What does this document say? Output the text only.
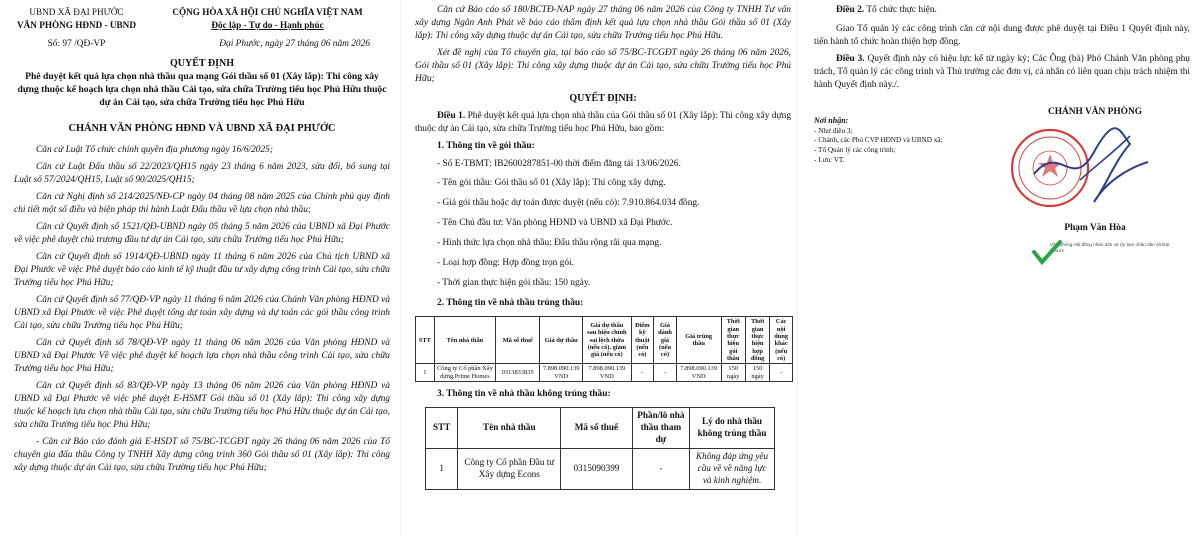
UBND XÃ ĐẠI PHƯỚC
VĂN PHÒNG HĐND - UBND
CỘNG HÒA XÃ HỘI CHỦ NGHĨA VIỆT NAM
Độc lập - Tự do - Hạnh phúc
Số: 97 /QĐ-VP	Đại Phước, ngày 27 tháng 06 năm 2026
QUYẾT ĐỊNH
Phê duyệt kết quả lựa chọn nhà thầu qua mạng Gói thầu số 01 (Xây lắp): Thi công xây dựng thuộc kế hoạch lựa chọn nhà thầu Cải tạo, sửa chữa Trường tiểu học Phú Hữu thuộc dự án Cải tạo, sửa chữa Trường tiểu học Phú Hữu
CHÁNH VĂN PHÒNG HĐND VÀ UBND XÃ ĐẠI PHƯỚC

Căn cứ Luật Tổ chức chính quyền địa phương ngày 16/6/2025;

Căn cứ Luật Đấu thầu số 22/2023/QH15 ngày 23 tháng 6 năm 2023, sửa đổi, bổ sung tại Luật số 57/2024/QH15, Luật số 90/2025/QH15;

Căn cứ Nghị định số 214/2025/NĐ-CP ngày 04 tháng 08 năm 2025 của Chính phủ quy định chi tiết một số điều và biện pháp thi hành Luật Đấu thầu về lựa chọn nhà thầu;

Căn cứ Quyết định số 1521/QĐ-UBND ngày 05 tháng 5 năm 2026 của UBND xã Đại Phước về việc phê duyệt chủ trương đầu tư dự án Cải tạo, sửa chữa Trường tiểu học Phú Hữu;

Căn cứ Quyết định số 1914/QĐ-UBND ngày 11 tháng 6 năm 2026 của Chủ tịch UBND xã Đại Phước về việc Phê duyệt báo cáo kinh tế kỹ thuật đầu tư xây dựng công trình Cải tạo, sửa chữa Trường tiểu học Phú Hữu;

Căn cứ Quyết định số 77/QĐ-VP ngày 11 tháng 6 năm 2026 của Chánh Văn phòng HĐND và UBND xã Đại Phước về việc Phê duyệt tổng dự toán xây dựng và dự toán các gói thầu công trình Cải tạo, sửa chữa Trường tiểu học Phú Hữu;

Căn cứ Quyết định số 78/QĐ-VP ngày 11 tháng 06 năm 2026 của Văn phòng HĐND và UBND xã Đại Phước Về việc phê duyệt kế hoạch lựa chọn nhà thầu công trình Cải tạo, sửa chữa Trường tiểu học Phú Hữu;

Căn cứ Quyết định số 83/QĐ-VP ngày 13 tháng 06 năm 2026 của Văn phòng HĐND và UBND xã Đại Phước về việc phê duyệt E-HSMT Gói thầu số 01 (Xây lắp): Thi công xây dựng thuộc kế hoạch lựa chọn nhà thầu Cải tạo, sửa chữa Trường tiểu học Phú Hữu thuộc dự án Cải tạo, sửa chữa Trường tiểu học Phú Hữu;

- Căn cứ Báo cáo đánh giá E-HSDT số 75/BC-TCGĐT ngày 26 tháng 06 năm 2026 của Tổ chuyên gia đấu thầu Công ty TNHH Xây dựng công trình 360 Gói thầu số 01 (Xây lắp): Thi công xây dựng thuộc dự án Cải tạo, sửa chữa Trường tiểu học Phú Hữu;

Căn cứ Báo cáo số 180/BCTĐ-NAP ngày 27 tháng 06 năm 2026 của Công ty TNHH Tư vấn xây dựng Ngân Anh Phát về báo cáo thẩm định kết quả lựa chọn nhà thầu Gói thầu số 01 (Xây lắp): Thi công xây dựng thuộc dự án Cải tạo, sửa chữa Trường tiểu học Phú Hữu.

Xét đề nghị của Tổ chuyên gia, tại báo cáo số 75/BC-TCGĐT ngày 26 tháng 06 năm 2026, Gói thầu số 01 (Xây lắp): Thi công xây dựng thuộc dự án Cải tạo, sửa chữa Trường tiểu học Phú Hữu;

QUYẾT ĐỊNH:

Điều 1. Phê duyệt kết quả lựa chọn nhà thầu của Gói thầu số 01 (Xây lắp): Thi công xây dựng thuộc dự án Cải tạo, sửa chữa Trường tiểu học Phú Hữu, bao gồm:

1. Thông tin về gói thầu:
- Số E-TBMT: IB2600287851-00 thời điểm đăng tải 13/06/2026.
- Tên gói thầu: Gói thầu số 01 (Xây lắp): Thi công xây dựng.
- Giá gói thầu hoặc dự toán được duyệt (nếu có): 7.910.864.034 đồng.
- Tên Chủ đầu tư: Văn phòng HĐND và UBND xã Đại Phước.
- Hình thức lựa chọn nhà thầu: Đấu thầu rộng rãi qua mạng.
- Loại hợp đồng: Hợp đồng trọn gói.
- Thời gian thực hiện gói thầu: 150 ngày.
2. Thông tin về nhà thầu trúng thầu:
STT	Tên nhà thầu	Mã số thuế	Giá dự thầu	Giá dự thầu sau hiệu chỉnh sai lệch thừa (nếu có), giảm giá (nếu có)	Điểm kỹ thuật (nếu có)	Giá đánh giá (nếu có)	Giá trúng thầu	Thời gian thực hiện gói thầu	Thời gian thực hiện hợp đồng	Các nội dung khác (nếu có)
1	Công ty Cổ phần Xây dựng Prime Homes	0313833835	7.898.090.139 VND	7.898.090.139 VND	-	-	7.898.090.139 VND	150 ngày	150 ngày	-
3. Thông tin về nhà thầu không trúng thầu:
STT	Tên nhà thầu	Mã số thuế	Phần/lô nhà thầu tham dự	Lý do nhà thầu không trúng thầu
1	Công ty Cổ phần Đầu tư Xây dựng Econs	0315090399	-	Không đáp ứng yêu cầu về về năng lực và kinh nghiệm.

Điều 2. Tổ chức thực hiện.

Giao Tổ quản lý các công trình căn cứ nội dung được phê duyệt tại Điều 1 Quyết định này, tiến hành tổ chức hoàn thiện hợp đồng.

Điều 3. Quyết định này có hiệu lực kể từ ngày ký; Các Ông (bà) Phó Chánh Văn phòng phụ trách, Tổ quản lý các công trình và Thủ trưởng các đơn vị, cá nhân có liên quan chịu trách nhiệm thi hành Quyết định này./.

Nơi nhận:
- Như điều 3;
- Chánh, các Phó CVP HĐND và UBND xã;
- Tổ Quản lý các công trình;
- Lưu: VT.
CHÁNH VĂN PHÒNG
Phạm Văn Hòa
Văn phòng Hội đồng nhân dân và Ủy ban nhân dân xã Đại Phước
